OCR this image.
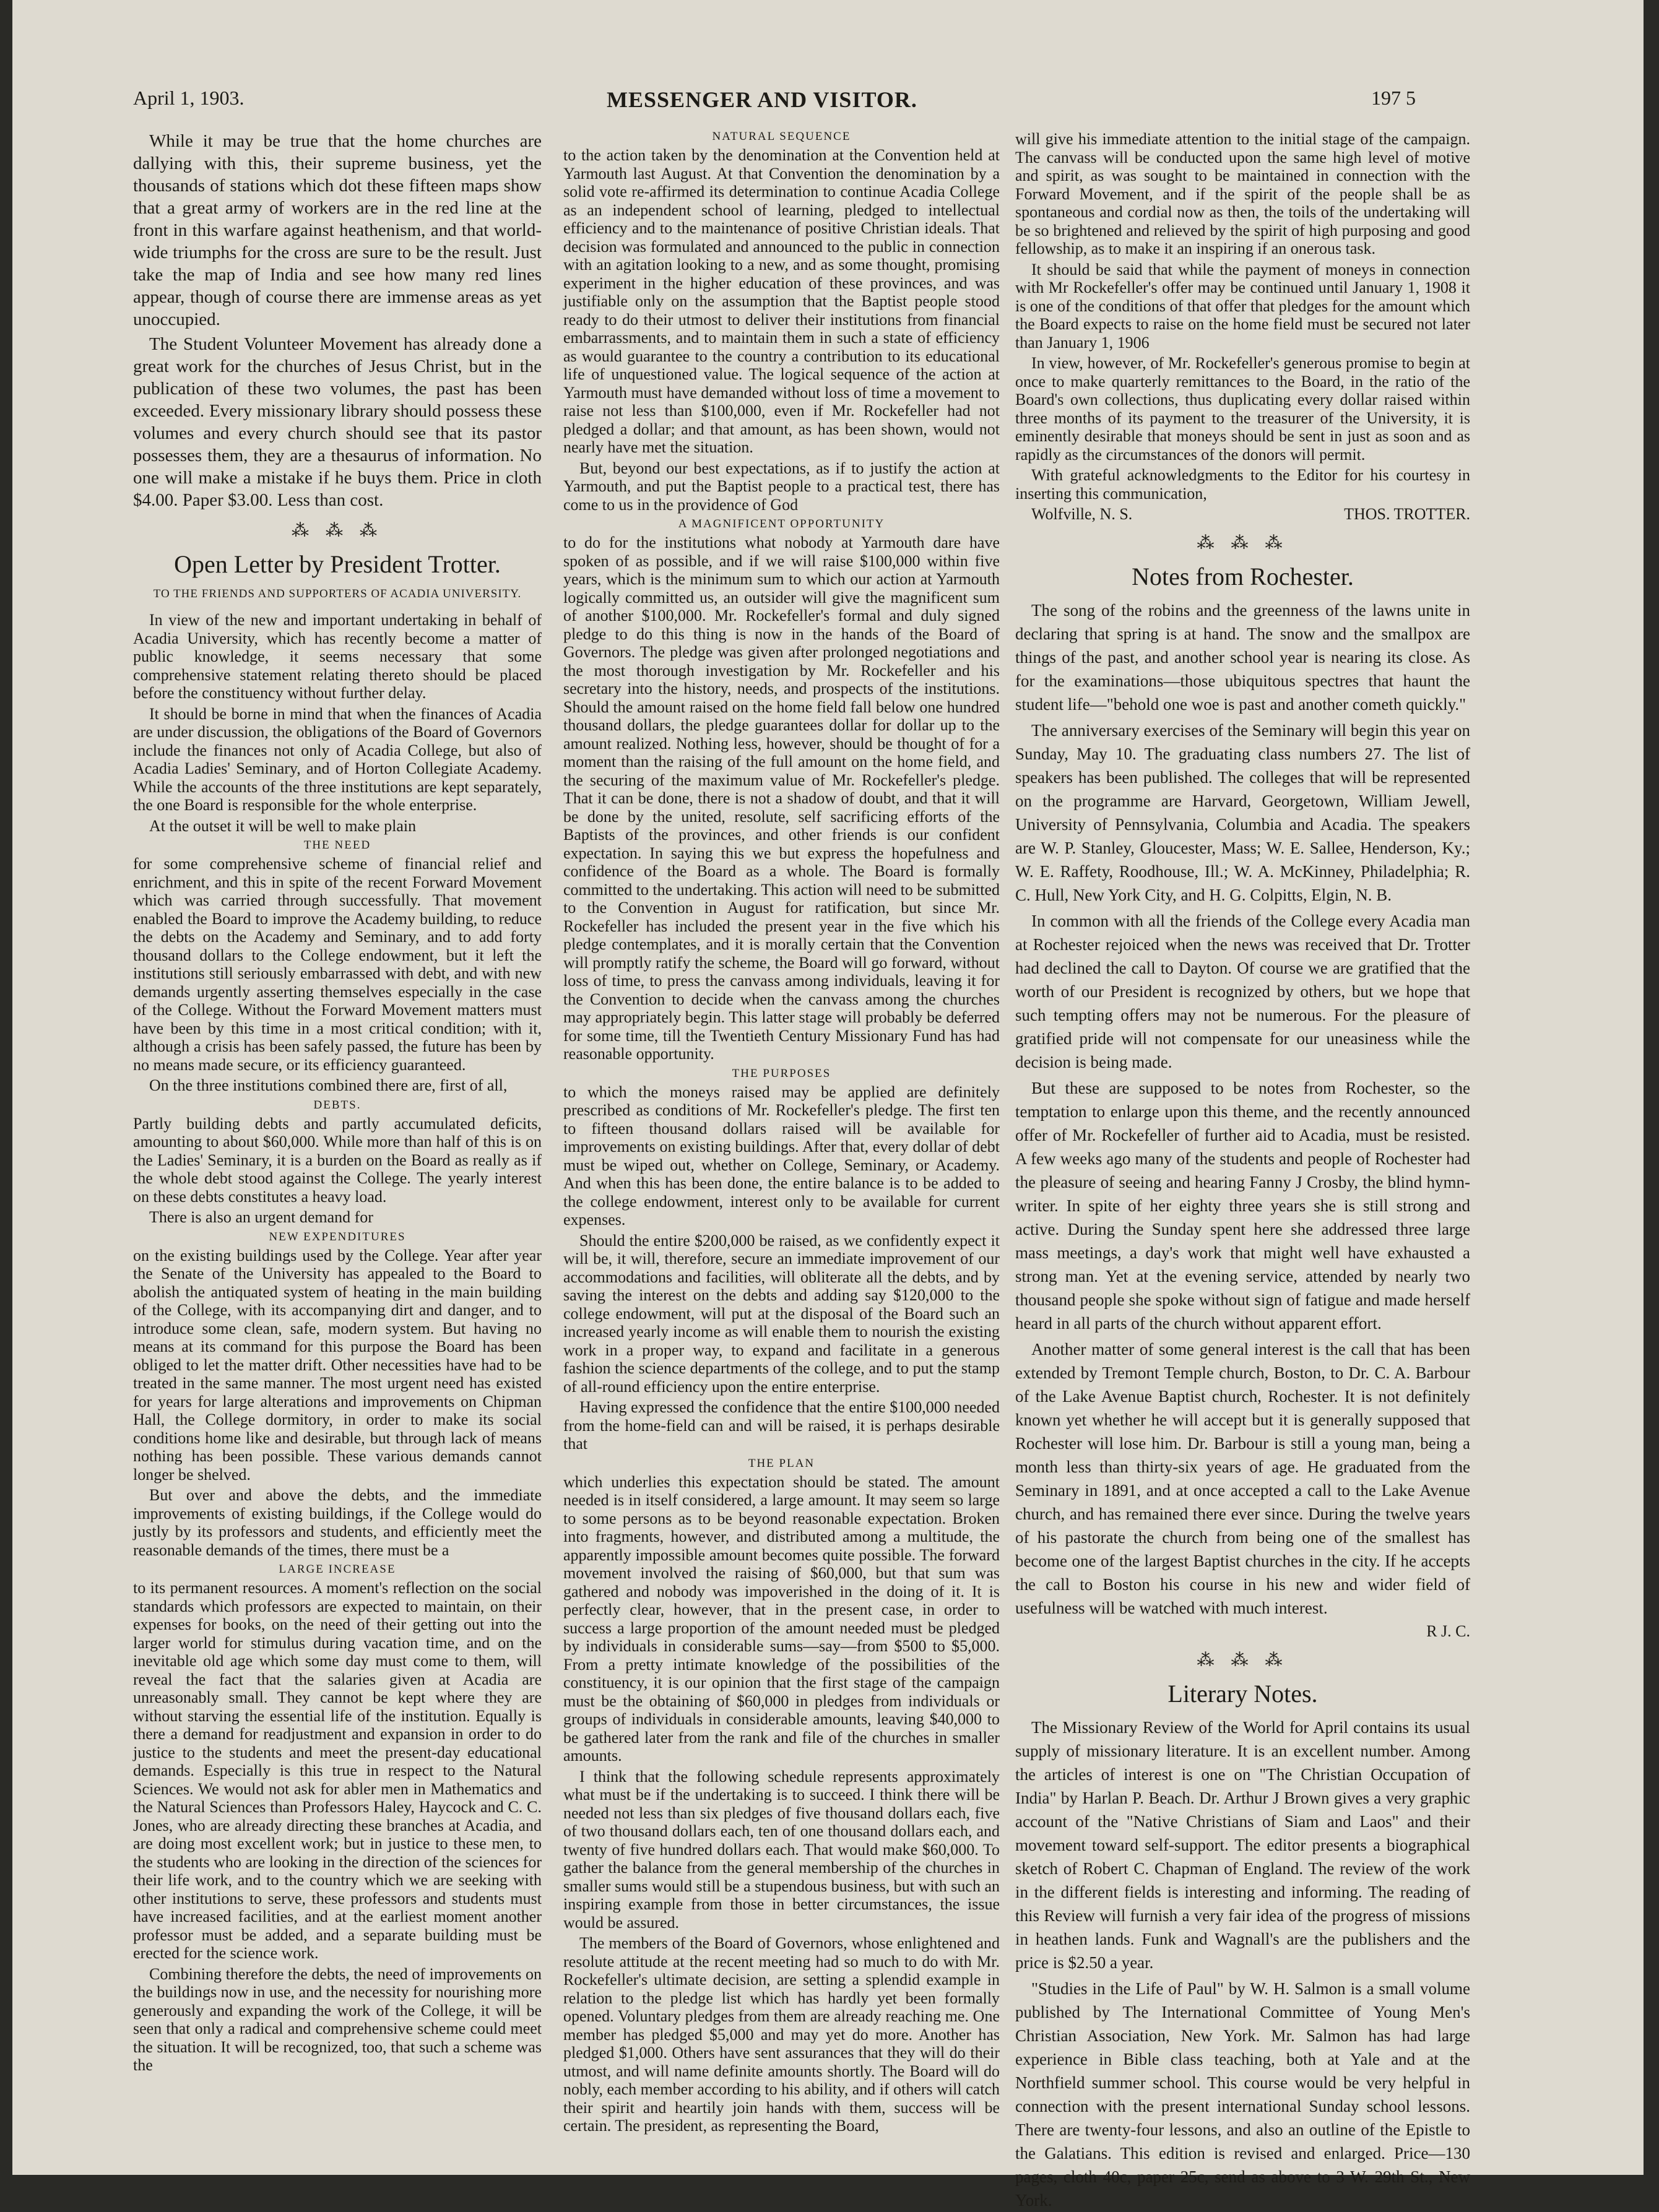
April 1, 1903.	MESSENGER AND VISITOR.	197 5

While it may be true that the home churches are dallying with this, their supreme business, yet the thousands of stations which dot these fifteen maps show that a great army of workers are in the red line at the front in this warfare against heathenism, and that world-wide triumphs for the cross are sure to be the result. Just take the map of India and see how many red lines appear, though of course there are immense areas as yet unoccupied.

The Student Volunteer Movement has already done a great work for the churches of Jesus Christ, but in the publication of these two volumes, the past has been exceeded. Every missionary library should possess these volumes and every church should see that its pastor possesses them, they are a thesaurus of information. No one will make a mistake if he buys them. Price in cloth $4.00. Paper $3.00. Less than cost.

⁂ ⁂ ⁂
Open Letter by President Trotter.
TO THE FRIENDS AND SUPPORTERS OF ACADIA UNIVERSITY.

In view of the new and important undertaking in behalf of Acadia University, which has recently become a matter of public knowledge, it seems necessary that some comprehensive statement relating thereto should be placed before the constituency without further delay.

It should be borne in mind that when the finances of Acadia are under discussion, the obligations of the Board of Governors include the finances not only of Acadia College, but also of Acadia Ladies' Seminary, and of Horton Collegiate Academy. While the accounts of the three institutions are kept separately, the one Board is responsible for the whole enterprise.

At the outset it will be well to make plain

THE NEED

for some comprehensive scheme of financial relief and enrichment, and this in spite of the recent Forward Movement which was carried through successfully. That movement enabled the Board to improve the Academy building, to reduce the debts on the Academy and Seminary, and to add forty thousand dollars to the College endowment, but it left the institutions still seriously embarrassed with debt, and with new demands urgently asserting themselves especially in the case of the College. Without the Forward Movement matters must have been by this time in a most critical condition; with it, although a crisis has been safely passed, the future has been by no means made secure, or its efficiency guaranteed.

On the three institutions combined there are, first of all,

DEBTS.

Partly building debts and partly accumulated deficits, amounting to about $60,000. While more than half of this is on the Ladies' Seminary, it is a burden on the Board as really as if the whole debt stood against the College. The yearly interest on these debts constitutes a heavy load.

There is also an urgent demand for

NEW EXPENDITURES

on the existing buildings used by the College. Year after year the Senate of the University has appealed to the Board to abolish the antiquated system of heating in the main building of the College, with its accompanying dirt and danger, and to introduce some clean, safe, modern system. But having no means at its command for this purpose the Board has been obliged to let the matter drift. Other necessities have had to be treated in the same manner. The most urgent need has existed for years for large alterations and improvements on Chipman Hall, the College dormitory, in order to make its social conditions home like and desirable, but through lack of means nothing has been possible. These various demands cannot longer be shelved.

But over and above the debts, and the immediate improvements of existing buildings, if the College would do justly by its professors and students, and efficiently meet the reasonable demands of the times, there must be a

LARGE INCREASE

to its permanent resources. A moment's reflection on the social standards which professors are expected to maintain, on their expenses for books, on the need of their getting out into the larger world for stimulus during vacation time, and on the inevitable old age which some day must come to them, will reveal the fact that the salaries given at Acadia are unreasonably small. They cannot be kept where they are without starving the essential life of the institution. Equally is there a demand for readjustment and expansion in order to do justice to the students and meet the present-day educational demands. Especially is this true in respect to the Natural Sciences. We would not ask for abler men in Mathematics and the Natural Sciences than Professors Haley, Haycock and C. C. Jones, who are already directing these branches at Acadia, and are doing most excellent work; but in justice to these men, to the students who are looking in the direction of the sciences for their life work, and to the country which we are seeking with other institutions to serve, these professors and students must have increased facilities, and at the earliest moment another professor must be added, and a separate building must be erected for the science work.

Combining therefore the debts, the need of improvements on the buildings now in use, and the necessity for nourishing more generously and expanding the work of the College, it will be seen that only a radical and comprehensive scheme could meet the situation. It will be recognized, too, that such a scheme was the

NATURAL SEQUENCE

to the action taken by the denomination at the Convention held at Yarmouth last August. At that Convention the denomination by a solid vote re-affirmed its determination to continue Acadia College as an independent school of learning, pledged to intellectual efficiency and to the maintenance of positive Christian ideals. That decision was formulated and announced to the public in connection with an agitation looking to a new, and as some thought, promising experiment in the higher education of these provinces, and was justifiable only on the assumption that the Baptist people stood ready to do their utmost to deliver their institutions from financial embarrassments, and to maintain them in such a state of efficiency as would guarantee to the country a contribution to its educational life of unquestioned value. The logical sequence of the action at Yarmouth must have demanded without loss of time a movement to raise not less than $100,000, even if Mr. Rockefeller had not pledged a dollar; and that amount, as has been shown, would not nearly have met the situation.

But, beyond our best expectations, as if to justify the action at Yarmouth, and put the Baptist people to a practical test, there has come to us in the providence of God

A MAGNIFICENT OPPORTUNITY

to do for the institutions what nobody at Yarmouth dare have spoken of as possible, and if we will raise $100,000 within five years, which is the minimum sum to which our action at Yarmouth logically committed us, an outsider will give the magnificent sum of another $100,000. Mr. Rockefeller's formal and duly signed pledge to do this thing is now in the hands of the Board of Governors. The pledge was given after prolonged negotiations and the most thorough investigation by Mr. Rockefeller and his secretary into the history, needs, and prospects of the institutions. Should the amount raised on the home field fall below one hundred thousand dollars, the pledge guarantees dollar for dollar up to the amount realized. Nothing less, however, should be thought of for a moment than the raising of the full amount on the home field, and the securing of the maximum value of Mr. Rockefeller's pledge. That it can be done, there is not a shadow of doubt, and that it will be done by the united, resolute, self sacrificing efforts of the Baptists of the provinces, and other friends is our confident expectation. In saying this we but express the hopefulness and confidence of the Board as a whole. The Board is formally committed to the undertaking. This action will need to be submitted to the Convention in August for ratification, but since Mr. Rockefeller has included the present year in the five which his pledge contemplates, and it is morally certain that the Convention will promptly ratify the scheme, the Board will go forward, without loss of time, to press the canvass among individuals, leaving it for the Convention to decide when the canvass among the churches may appropriately begin. This latter stage will probably be deferred for some time, till the Twentieth Century Missionary Fund has had reasonable opportunity.

THE PURPOSES

to which the moneys raised may be applied are definitely prescribed as conditions of Mr. Rockefeller's pledge. The first ten to fifteen thousand dollars raised will be available for improvements on existing buildings. After that, every dollar of debt must be wiped out, whether on College, Seminary, or Academy. And when this has been done, the entire balance is to be added to the college endowment, interest only to be available for current expenses.

Should the entire $200,000 be raised, as we confidently expect it will be, it will, therefore, secure an immediate improvement of our accommodations and facilities, will obliterate all the debts, and by saving the interest on the debts and adding say $120,000 to the college endowment, will put at the disposal of the Board such an increased yearly income as will enable them to nourish the existing work in a proper way, to expand and facilitate in a generous fashion the science departments of the college, and to put the stamp of all-round efficiency upon the entire enterprise.

Having expressed the confidence that the entire $100,000 needed from the home-field can and will be raised, it is perhaps desirable that

THE PLAN

which underlies this expectation should be stated. The amount needed is in itself considered, a large amount. It may seem so large to some persons as to be beyond reasonable expectation. Broken into fragments, however, and distributed among a multitude, the apparently impossible amount becomes quite possible. The forward movement involved the raising of $60,000, but that sum was gathered and nobody was impoverished in the doing of it. It is perfectly clear, however, that in the present case, in order to success a large proportion of the amount needed must be pledged by individuals in considerable sums—say—from $500 to $5,000. From a pretty intimate knowledge of the possibilities of the constituency, it is our opinion that the first stage of the campaign must be the obtaining of $60,000 in pledges from individuals or groups of individuals in considerable amounts, leaving $40,000 to be gathered later from the rank and file of the churches in smaller amounts.

I think that the following schedule represents approximately what must be if the undertaking is to succeed. I think there will be needed not less than six pledges of five thousand dollars each, five of two thousand dollars each, ten of one thousand dollars each, and twenty of five hundred dollars each. That would make $60,000. To gather the balance from the general membership of the churches in smaller sums would still be a stupendous business, but with such an inspiring example from those in better circumstances, the issue would be assured.

The members of the Board of Governors, whose enlightened and resolute attitude at the recent meeting had so much to do with Mr. Rockefeller's ultimate decision, are setting a splendid example in relation to the pledge list which has hardly yet been formally opened. Voluntary pledges from them are already reaching me. One member has pledged $5,000 and may yet do more. Another has pledged $1,000. Others have sent assurances that they will do their utmost, and will name definite amounts shortly. The Board will do nobly, each member according to his ability, and if others will catch their spirit and heartily join hands with them, success will be certain. The president, as representing the Board,

will give his immediate attention to the initial stage of the campaign. The canvass will be conducted upon the same high level of motive and spirit, as was sought to be maintained in connection with the Forward Movement, and if the spirit of the people shall be as spontaneous and cordial now as then, the toils of the undertaking will be so brightened and relieved by the spirit of high purposing and good fellowship, as to make it an inspiring if an onerous task.

It should be said that while the payment of moneys in connection with Mr Rockefeller's offer may be continued until January 1, 1908 it is one of the conditions of that offer that pledges for the amount which the Board expects to raise on the home field must be secured not later than January 1, 1906

In view, however, of Mr. Rockefeller's generous promise to begin at once to make quarterly remittances to the Board, in the ratio of the Board's own collections, thus duplicating every dollar raised within three months of its payment to the treasurer of the University, it is eminently desirable that moneys should be sent in just as soon and as rapidly as the circumstances of the donors will permit.

With grateful acknowledgments to the Editor for his courtesy in inserting this communication,

Wolfville, N. S.	THOS. TROTTER.
⁂ ⁂ ⁂
Notes from Rochester.

The song of the robins and the greenness of the lawns unite in declaring that spring is at hand. The snow and the smallpox are things of the past, and another school year is nearing its close. As for the examinations—those ubiquitous spectres that haunt the student life—"behold one woe is past and another cometh quickly."

The anniversary exercises of the Seminary will begin this year on Sunday, May 10. The graduating class numbers 27. The list of speakers has been published. The colleges that will be represented on the programme are Harvard, Georgetown, William Jewell, University of Pennsylvania, Columbia and Acadia. The speakers are W. P. Stanley, Gloucester, Mass; W. E. Sallee, Henderson, Ky.; W. E. Raffety, Roodhouse, Ill.; W. A. McKinney, Philadelphia; R. C. Hull, New York City, and H. G. Colpitts, Elgin, N. B.

In common with all the friends of the College every Acadia man at Rochester rejoiced when the news was received that Dr. Trotter had declined the call to Dayton. Of course we are gratified that the worth of our President is recognized by others, but we hope that such tempting offers may not be numerous. For the pleasure of gratified pride will not compensate for our uneasiness while the decision is being made.

But these are supposed to be notes from Rochester, so the temptation to enlarge upon this theme, and the recently announced offer of Mr. Rockefeller of further aid to Acadia, must be resisted. A few weeks ago many of the students and people of Rochester had the pleasure of seeing and hearing Fanny J Crosby, the blind hymn-writer. In spite of her eighty three years she is still strong and active. During the Sunday spent here she addressed three large mass meetings, a day's work that might well have exhausted a strong man. Yet at the evening service, attended by nearly two thousand people she spoke without sign of fatigue and made herself heard in all parts of the church without apparent effort.

Another matter of some general interest is the call that has been extended by Tremont Temple church, Boston, to Dr. C. A. Barbour of the Lake Avenue Baptist church, Rochester. It is not definitely known yet whether he will accept but it is generally supposed that Rochester will lose him. Dr. Barbour is still a young man, being a month less than thirty-six years of age. He graduated from the Seminary in 1891, and at once accepted a call to the Lake Avenue church, and has remained there ever since. During the twelve years of his pastorate the church from being one of the smallest has become one of the largest Baptist churches in the city. If he accepts the call to Boston his course in his new and wider field of usefulness will be watched with much interest.

R J. C.
⁂ ⁂ ⁂
Literary Notes.

The Missionary Review of the World for April contains its usual supply of missionary literature. It is an excellent number. Among the articles of interest is one on "The Christian Occupation of India" by Harlan P. Beach. Dr. Arthur J Brown gives a very graphic account of the "Native Christians of Siam and Laos" and their movement toward self-support. The editor presents a biographical sketch of Robert C. Chapman of England. The review of the work in the different fields is interesting and informing. The reading of this Review will furnish a very fair idea of the progress of missions in heathen lands. Funk and Wagnall's are the publishers and the price is $2.50 a year.

"Studies in the Life of Paul" by W. H. Salmon is a small volume published by The International Committee of Young Men's Christian Association, New York. Mr. Salmon has had large experience in Bible class teaching, both at Yale and at the Northfield summer school. This course would be very helpful in connection with the present international Sunday school lessons. There are twenty-four lessons, and also an outline of the Epistle to the Galatians. This edition is revised and enlarged. Price—130 pages, cloth 40c, paper 25c, send as above to 3 W. 29th St., New York.
